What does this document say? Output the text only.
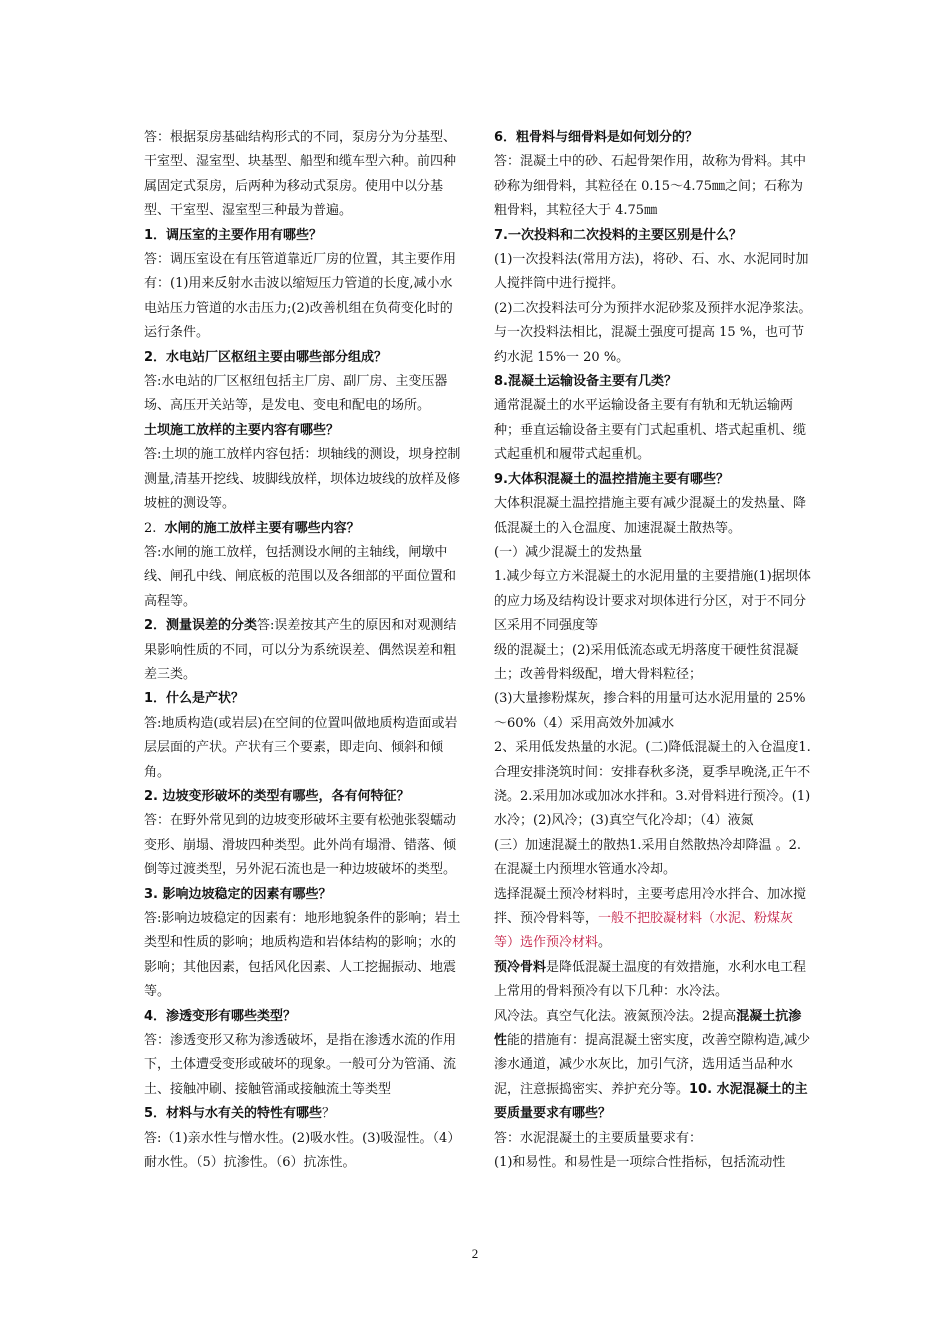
答：根据泵房基础结构形式的不同，泵房分为分基型、干室型、湿室型、块基型、船型和缆车型六种。前四种属固定式泵房，后两种为移动式泵房。使用中以分基型、干室型、湿室型三种最为普遍。

1．调压室的主要作用有哪些？

答：调压室设在有压管道靠近厂房的位置，其主要作用有：(1)用来反射水击波以缩短压力管道的长度,减小水电站压力管道的水击压力;(2)改善机组在负荷变化时的运行条件。

2．水电站厂区枢纽主要由哪些部分组成？

答:水电站的厂区枢纽包括主厂房、副厂房、主变压器场、高压开关站等，是发电、变电和配电的场所。

土坝施工放样的主要内容有哪些？

答:土坝的施工放样内容包括：坝轴线的测设，坝身控制测量,清基开挖线、坡脚线放样，坝体边坡线的放样及修坡桩的测设等。

2. 水闸的施工放样主要有哪些内容？

答:水闸的施工放样，包括测设水闸的主轴线，闸墩中线、闸孔中线、闸底板的范围以及各细部的平面位置和高程等。

2．测量误差的分类答:误差按其产生的原因和对观测结果影响性质的不同，可以分为系统误差、偶然误差和粗差三类。

1．什么是产状？

答:地质构造(或岩层)在空间的位置叫做地质构造面或岩层层面的产状。产状有三个要素，即走向、倾斜和倾角。

2. 边坡变形破坏的类型有哪些，各有何特征？

答：在野外常见到的边坡变形破坏主要有松弛张裂蠕动变形、崩塌、滑坡四种类型。此外尚有塌滑、错落、倾倒等过渡类型，另外泥石流也是一种边坡破坏的类型。

3. 影响边坡稳定的因素有哪些？

答:影响边坡稳定的因素有：地形地貌条件的影响；岩土类型和性质的影响；地质构造和岩体结构的影响；水的影响；其他因素，包括风化因素、人工挖掘振动、地震等。

4．渗透变形有哪些类型？

答：渗透变形又称为渗透破坏，是指在渗透水流的作用下，土体遭受变形或破坏的现象。一般可分为管涌、流土、接触冲刷、接触管涌或接触流土等类型

5．材料与水有关的特性有哪些？

答:（1)亲水性与憎水性。(2)吸水性。(3)吸湿性。（4）耐水性。（5）抗渗性。（6）抗冻性。

6．粗骨料与细骨料是如何划分的？

答：混凝土中的砂、石起骨架作用，故称为骨料。其中砂称为细骨料，其粒径在 0.15～4.75㎜之间；石称为粗骨料，其粒径大于 4.75㎜

7.一次投料和二次投料的主要区别是什么？

(1)一次投料法(常用方法)，将砂、石、水、水泥同时加人搅拌筒中进行搅拌。

(2)二次投料法可分为预拌水泥砂浆及预拌水泥净浆法。与一次投料法相比，混凝土强度可提高 15 %，也可节约水泥 15%一 20 %。

8.混凝土运输设备主要有几类？

通常混凝土的水平运输设备主要有有轨和无轨运输两种；垂直运输设备主要有门式起重机、塔式起重机、缆式起重机和履带式起重机。

9.大体积混凝土的温控措施主要有哪些？

大体积混凝土温控措施主要有减少混凝土的发热量、降低混凝土的入仓温度、加速混凝土散热等。

(一）减少混凝土的发热量

1.减少每立方米混凝土的水泥用量的主要措施(1)据坝体的应力场及结构设计要求对坝体进行分区，对于不同分区采用不同强度等

级的混凝土；(2)采用低流态或无坍落度干硬性贫混凝土；改善骨料级配，增大骨料粒径；

(3)大量掺粉煤灰，掺合料的用量可达水泥用量的 25% ～60%（4）采用高效外加减水

2、采用低发热量的水泥。(二)降低混凝土的入仓温度1.合理安排浇筑时间：安排春秋多浇，夏季早晚浇,正午不浇。2.采用加冰或加冰水拌和。3.对骨料进行预冷。(1)水冷；(2)风冷；(3)真空气化冷却；（4）液氮

(三）加速混凝土的散热1.采用自然散热冷却降温 。2.在混凝土内预埋水管通水冷却。

选择混凝土预冷材料时，主要考虑用冷水拌合、加冰搅拌、预冷骨料等，一般不把胶凝材料（水泥、粉煤灰等）选作预冷材料。

预冷骨料是降低混凝土温度的有效措施，水利水电工程上常用的骨料预冷有以下几种：水冷法。

风冷法。真空气化法。液氮预冷法。2提高混凝土抗渗性能的措施有：提高混凝土密实度，改善空隙构造,减少渗水通道，减少水灰比，加引气济，选用适当品种水泥，注意振捣密实、养护充分等。10. 水泥混凝土的主要质量要求有哪些？

答：水泥混凝土的主要质量要求有：

(1)和易性。和易性是一项综合性指标，包括流动性

2
